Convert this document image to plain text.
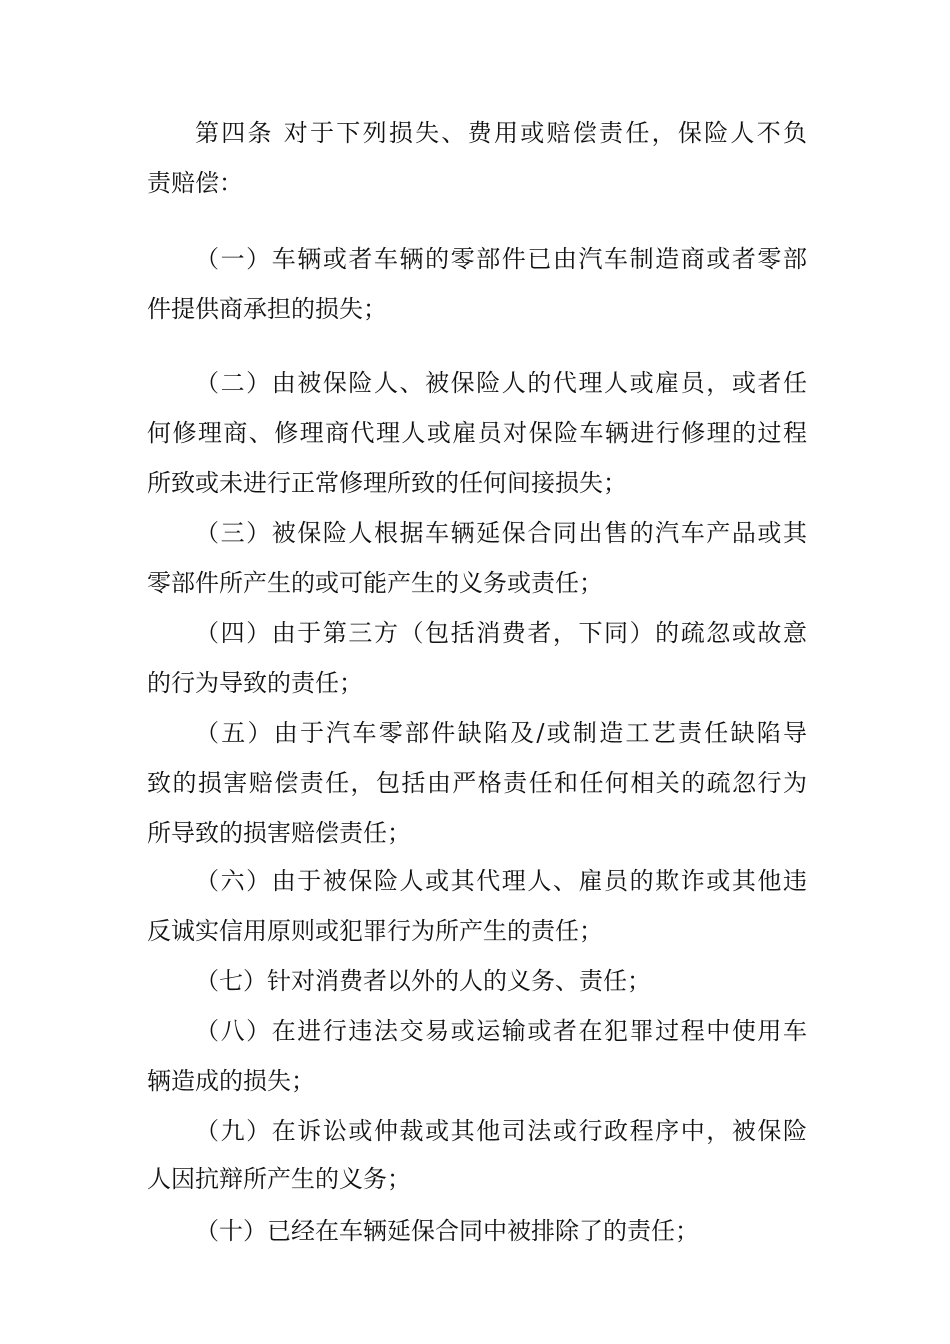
第四条 对于下列损失、费用或赔偿责任，保险人不负
责赔偿：
（一）车辆或者车辆的零部件已由汽车制造商或者零部
件提供商承担的损失；
（二）由被保险人、被保险人的代理人或雇员，或者任
何修理商、修理商代理人或雇员对保险车辆进行修理的过程
所致或未进行正常修理所致的任何间接损失；
（三）被保险人根据车辆延保合同出售的汽车产品或其
零部件所产生的或可能产生的义务或责任；
（四）由于第三方（包括消费者，下同）的疏忽或故意
的行为导致的责任；
（五）由于汽车零部件缺陷及/或制造工艺责任缺陷导
致的损害赔偿责任，包括由严格责任和任何相关的疏忽行为
所导致的损害赔偿责任；
（六）由于被保险人或其代理人、雇员的欺诈或其他违
反诚实信用原则或犯罪行为所产生的责任；
（七）针对消费者以外的人的义务、责任；
（八）在进行违法交易或运输或者在犯罪过程中使用车
辆造成的损失；
（九）在诉讼或仲裁或其他司法或行政程序中，被保险
人因抗辩所产生的义务；
（十）已经在车辆延保合同中被排除了的责任；
